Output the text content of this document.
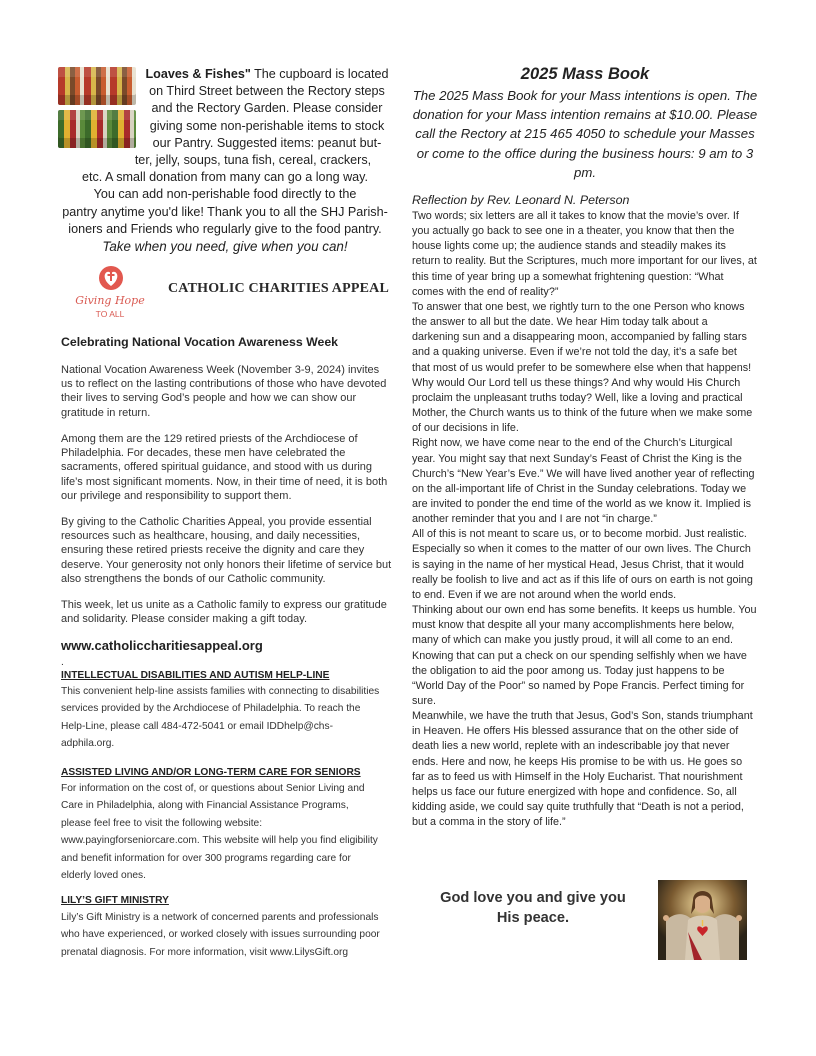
Loaves & Fishes" The cupboard is located
on Third Street between the Rectory steps
and the Rectory Garden. Please consider
giving some non-perishable items to stock
our Pantry. Suggested items: peanut but-
ter, jelly, soups, tuna fish, cereal, crackers,
etc. A small donation from many can go a long way.
You can add non-perishable food directly to the
pantry anytime you'd like! Thank you to all the SHJ Parish-
ioners and Friends who regularly give to the food pantry.
Take when you need, give when you can!
Giving Hope
TO ALL
CATHOLIC CHARITIES APPEAL
Celebrating National Vocation Awareness Week
National Vocation Awareness Week (November 3-9, 2024) invites us to reflect on the lasting contributions of those who have devoted their lives to serving God’s people and how we can show our gratitude in return.
Among them are the 129 retired priests of the Archdiocese of Philadelphia. For decades, these men have celebrated the sacraments, offered spiritual guidance, and stood with us during life’s most significant moments. Now, in their time of need, it is both our privilege and responsibility to support them.
By giving to the Catholic Charities Appeal, you provide essential resources such as healthcare, housing, and daily necessities, ensuring these retired priests receive the dignity and care they deserve. Your generosity not only honors their lifetime of service but also strengthens the bonds of our Catholic community.
This week, let us unite as a Catholic family to express our gratitude and solidarity. Please consider making a gift today.
www.catholiccharitiesappeal.org
.
INTELLECTUAL DISABILITIES AND AUTISM HELP-LINE
This convenient help-line assists families with connecting to disabilities services provided by the Archdiocese of Philadelphia. To reach the Help-Line, please call 484-472-5041 or email IDDhelp@chs-adphila.org.
ASSISTED LIVING AND/OR LONG-TERM CARE FOR SENIORS
For information on the cost of, or questions about Senior Living and Care in Philadelphia, along with Financial Assistance Programs, please feel free to visit the following website: www.payingforseniorcare.com. This website will help you find eligibility and benefit information for over 300 programs regarding care for elderly loved ones.
LILY’S GIFT MINISTRY
Lily’s Gift Ministry is a network of concerned parents and professionals who have experienced, or worked closely with issues surrounding poor prenatal diagnosis. For more information, visit www.LilysGift.org
2025 Mass Book
The 2025 Mass Book for your Mass intentions is open. The donation for your Mass intention remains at $10.00. Please call the Rectory at 215 465 4050 to schedule your Masses or come to the office during the business hours: 9 am to 3 pm.
Reflection by Rev. Leonard N. Peterson
Two words; six letters are all it takes to know that the movie’s over. If you actually go back to see one in a theater, you know that then the house lights come up; the audience stands and steadily makes its return to reality. But the Scriptures, much more important for our lives, at this time of year bring up a somewhat frightening question: “What comes with the end of reality?”
To answer that one best, we rightly turn to the one Person who knows the answer to all but the date. We hear Him today talk about a darkening sun and a disappearing moon, accompanied by falling stars and a quaking universe. Even if we’re not told the day, it’s a safe bet that most of us would prefer to be somewhere else when that happens!
Why would Our Lord tell us these things? And why would His Church proclaim the unpleasant truths today? Well, like a loving and practical Mother, the Church wants us to think of the future when we make some of our decisions in life.
Right now, we have come near to the end of the Church’s Liturgical year. You might say that next Sunday’s Feast of Christ the King is the Church’s “New Year’s Eve.” We will have lived another year of reflecting on the all-important life of Christ in the Sunday celebrations. Today we are invited to ponder the end time of the world as we know it. Implied is another reminder that you and I are not “in charge.”
All of this is not meant to scare us, or to become morbid. Just realistic. Especially so when it comes to the matter of our own lives. The Church is saying in the name of her mystical Head, Jesus Christ, that it would really be foolish to live and act as if this life of ours on earth is not going to end. Even if we are not around when the world ends.
Thinking about our own end has some benefits. It keeps us humble. You must know that despite all your many accomplishments here below, many of which can make you justly proud, it will all come to an end. Knowing that can put a check on our spending selfishly when we have the obligation to aid the poor among us. Today just happens to be “World Day of the Poor” so named by Pope Francis. Perfect timing for sure.
Meanwhile, we have the truth that Jesus, God’s Son, stands triumphant in Heaven. He offers His blessed assurance that on the other side of death lies a new world, replete with an indescribable joy that never ends. Here and now, he keeps His promise to be with us. He goes so far as to feed us with Himself in the Holy Eucharist. That nourishment helps us face our future energized with hope and confidence. So, all kidding aside, we could say quite truthfully that “Death is not a period, but a comma in the story of life.”
God love you and give you
His peace.
